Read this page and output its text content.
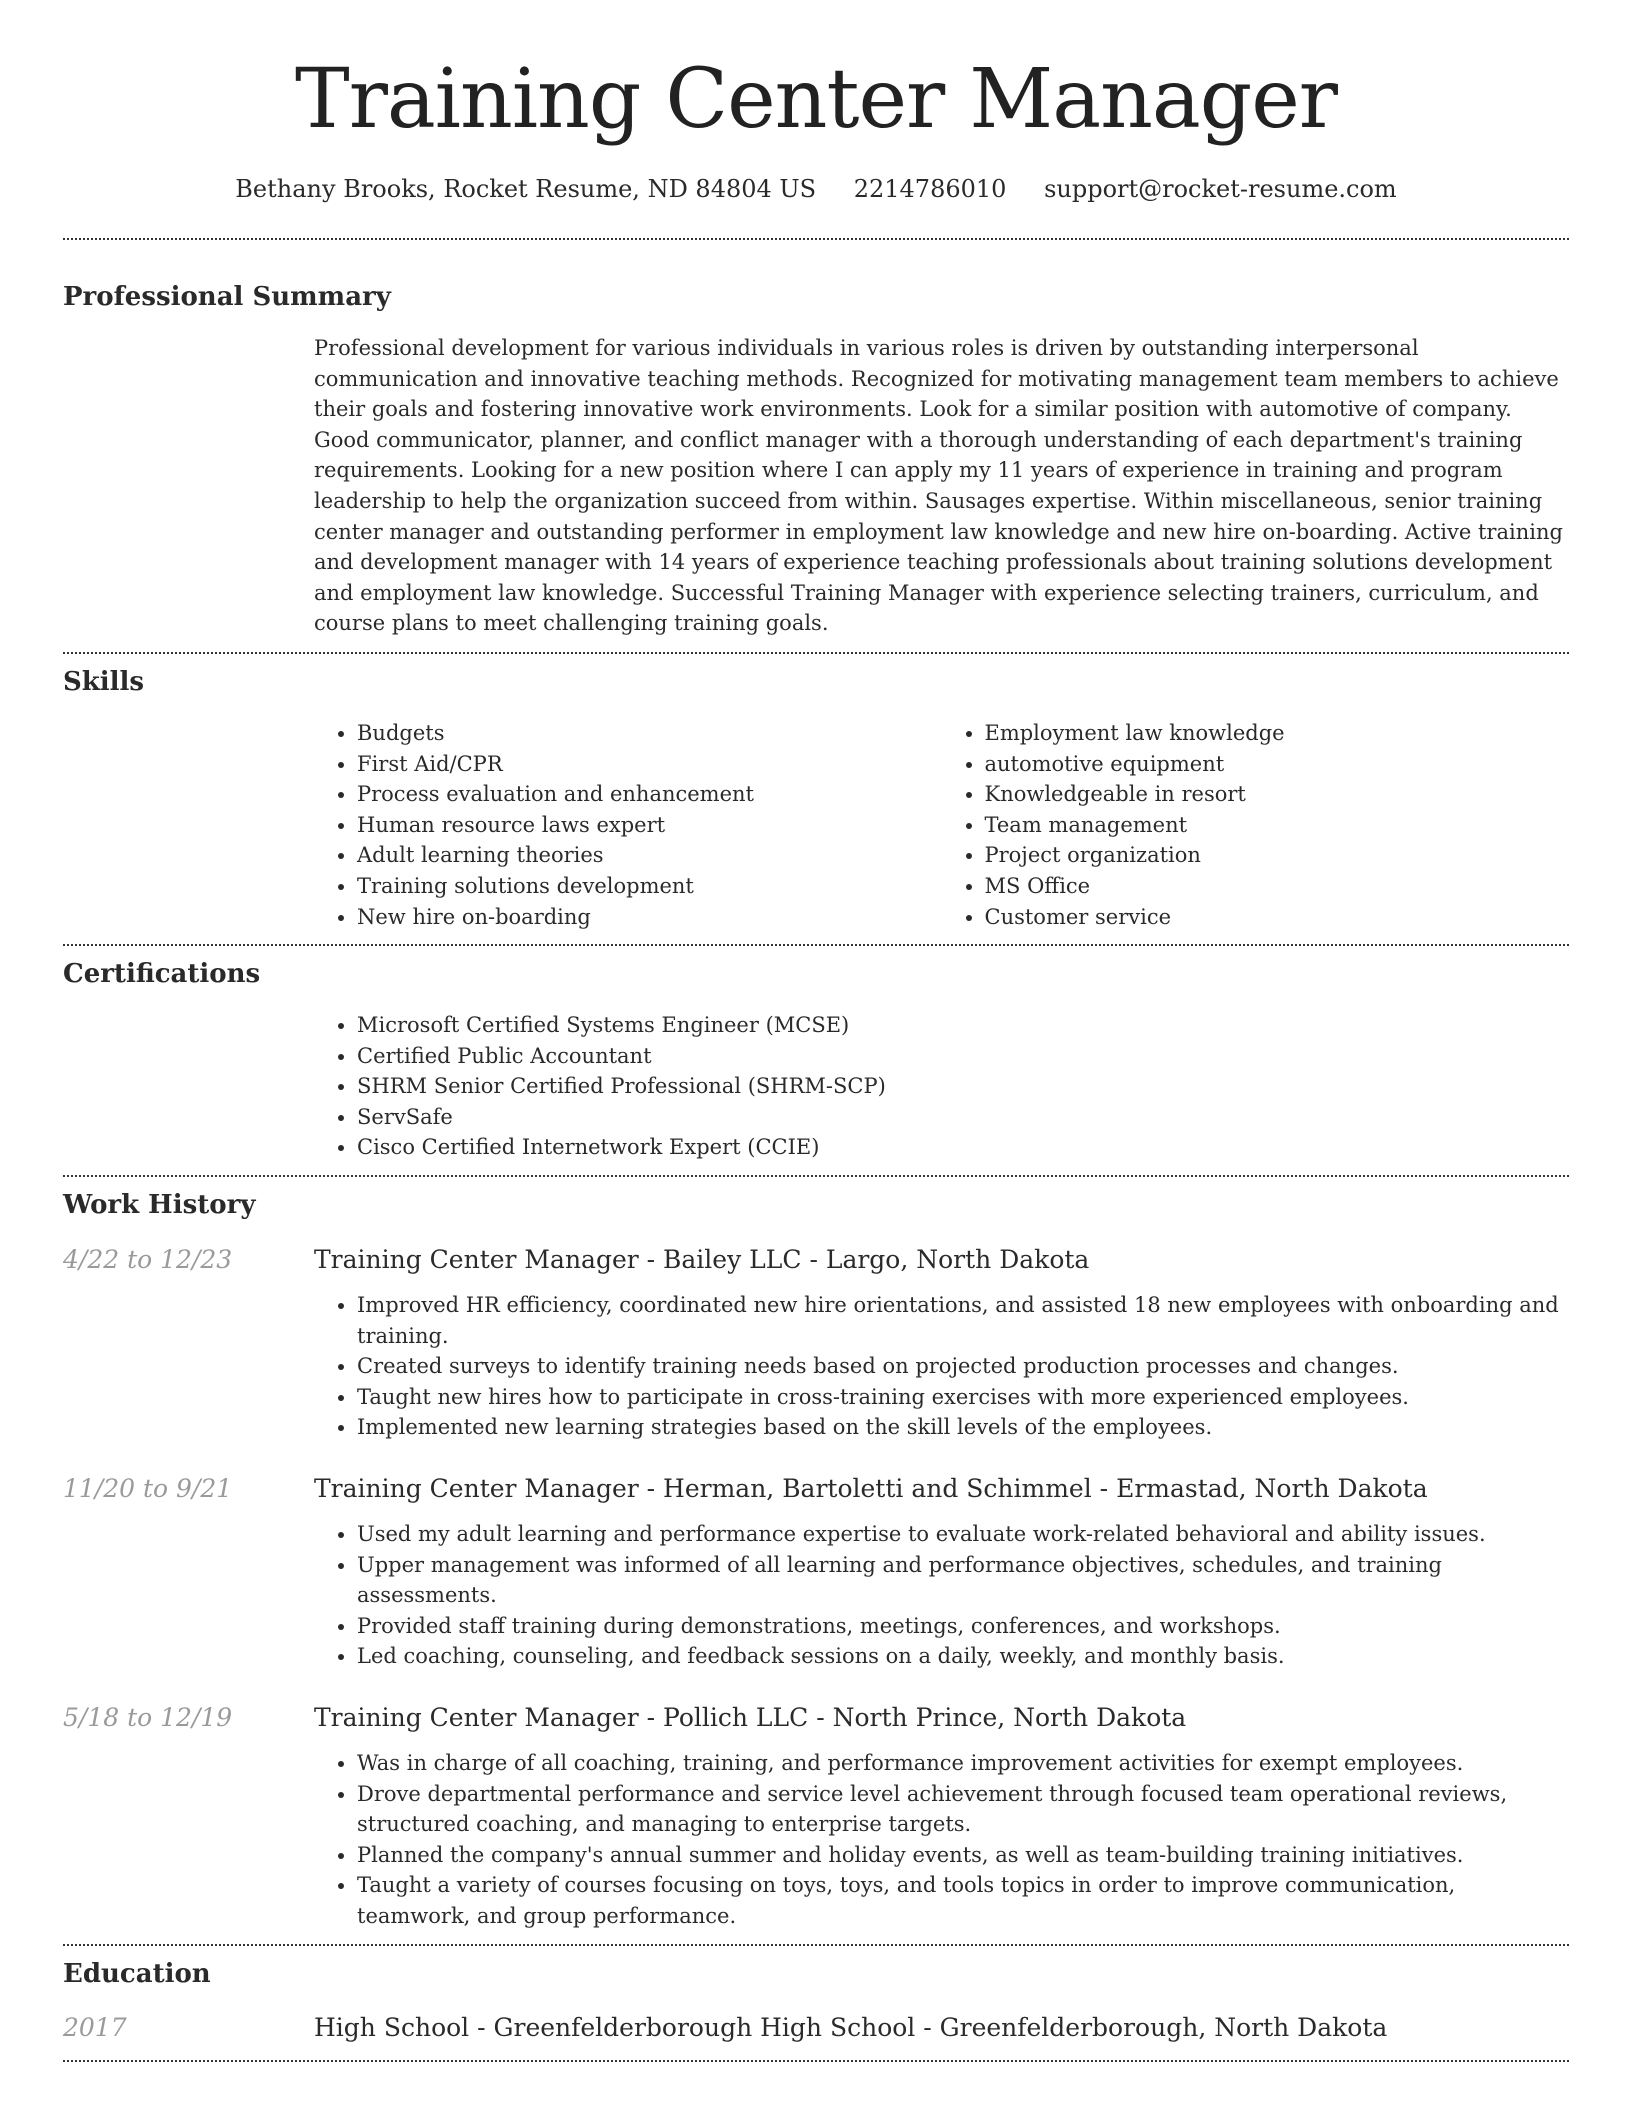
Training Center Manager
Bethany Brooks, Rocket Resume, ND 84804 US 2214786010 support@rocket-resume.com
Professional Summary
Professional development for various individuals in various roles is driven by outstanding interpersonal communication and innovative teaching methods. Recognized for motivating management team members to achieve their goals and fostering innovative work environments. Look for a similar position with automotive of company. Good communicator, planner, and conflict manager with a thorough understanding of each department's training requirements. Looking for a new position where I can apply my 11 years of experience in training and program leadership to help the organization succeed from within. Sausages expertise. Within miscellaneous, senior training center manager and outstanding performer in employment law knowledge and new hire on-boarding. Active training and development manager with 14 years of experience teaching professionals about training solutions development and employment law knowledge. Successful Training Manager with experience selecting trainers, curriculum, and course plans to meet challenging training goals.
Skills
• Budgets
• First Aid/CPR
• Process evaluation and enhancement
• Human resource laws expert
• Adult learning theories
• Training solutions development
• New hire on-boarding
• Employment law knowledge
• automotive equipment
• Knowledgeable in resort
• Team management
• Project organization
• MS Office
• Customer service
Certifications
• Microsoft Certified Systems Engineer (MCSE)
• Certified Public Accountant
• SHRM Senior Certified Professional (SHRM-SCP)
• ServSafe
• Cisco Certified Internetwork Expert (CCIE)
Work History
4/22 to 12/23	Training Center Manager - Bailey LLC - Largo, North Dakota
• Improved HR efficiency, coordinated new hire orientations, and assisted 18 new employees with onboarding and training.
• Created surveys to identify training needs based on projected production processes and changes.
• Taught new hires how to participate in cross-training exercises with more experienced employees.
• Implemented new learning strategies based on the skill levels of the employees.
11/20 to 9/21	Training Center Manager - Herman, Bartoletti and Schimmel - Ermastad, North Dakota
• Used my adult learning and performance expertise to evaluate work-related behavioral and ability issues.
• Upper management was informed of all learning and performance objectives, schedules, and training assessments.
• Provided staff training during demonstrations, meetings, conferences, and workshops.
• Led coaching, counseling, and feedback sessions on a daily, weekly, and monthly basis.
5/18 to 12/19	Training Center Manager - Pollich LLC - North Prince, North Dakota
• Was in charge of all coaching, training, and performance improvement activities for exempt employees.
• Drove departmental performance and service level achievement through focused team operational reviews, structured coaching, and managing to enterprise targets.
• Planned the company's annual summer and holiday events, as well as team-building training initiatives.
• Taught a variety of courses focusing on toys, toys, and tools topics in order to improve communication, teamwork, and group performance.
Education
2017	High School - Greenfelderborough High School - Greenfelderborough, North Dakota
